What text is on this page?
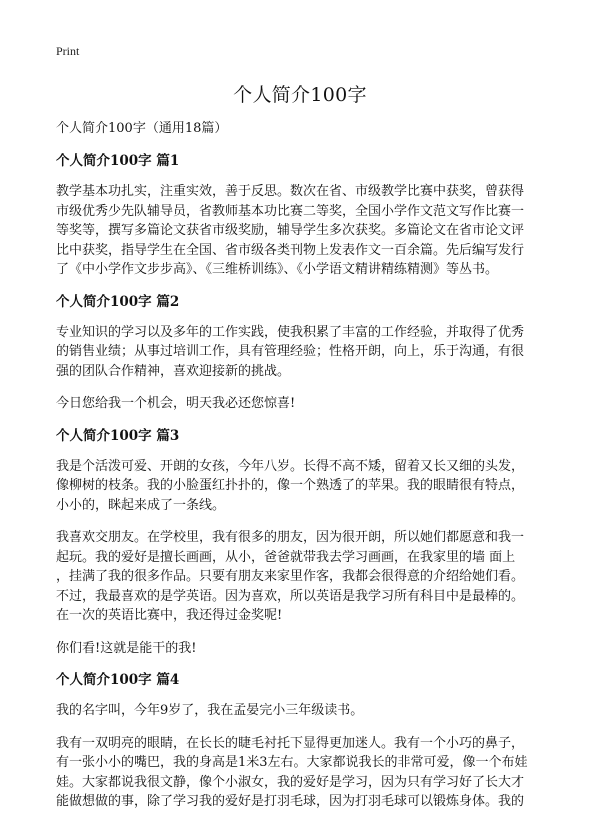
Print
个人简介100字

个人简介100字（通用18篇）

个人简介100字 篇1

教学基本功扎实，注重实效，善于反思。数次在省、市级教学比赛中获奖，曾获得
市级优秀少先队辅导员，省教师基本功比赛二等奖，全国小学作文范文写作比赛一
等奖等，撰写多篇论文获省市级奖励，辅导学生多次获奖。多篇论文在省市论文评
比中获奖，指导学生在全国、省市级各类刊物上发表作文一百余篇。先后编写发行
了《中小学作文步步高》、《三维桥训练》、《小学语文精讲精练精测》等丛书。

个人简介100字 篇2

专业知识的学习以及多年的工作实践，使我积累了丰富的工作经验，并取得了优秀
的销售业绩；从事过培训工作，具有管理经验；性格开朗，向上，乐于沟通，有很
强的团队合作精神，喜欢迎接新的挑战。

今日您给我一个机会，明天我必还您惊喜!

个人简介100字 篇3

我是个活泼可爱、开朗的女孩，今年八岁。长得不高不矮，留着又长又细的头发，
像柳树的枝条。我的小脸蛋红扑扑的，像一个熟透了的苹果。我的眼睛很有特点，
小小的，眯起来成了一条线。

我喜欢交朋友。在学校里，我有很多的朋友，因为很开朗，所以她们都愿意和我一
起玩。我的爱好是擅长画画，从小，爸爸就带我去学习画画，在我家里的墙 面上
，挂满了我的很多作品。只要有朋友来家里作客，我都会很得意的介绍给她们看。
不过，我最喜欢的是学英语。因为喜欢，所以英语是我学习所有科目中是最棒的。
在一次的英语比赛中，我还得过金奖呢!

你们看!这就是能干的我!

个人简介100字 篇4

我的名字叫，今年9岁了，我在孟晏完小三年级读书。

我有一双明亮的眼睛，在长长的睫毛衬托下显得更加迷人。我有一个小巧的鼻子，
有一张小小的嘴巴，我的身高是1米3左右。大家都说我长的非常可爱，像一个布娃
娃。大家都说我很文静，像个小淑女，我的爱好是学习，因为只有学习好了长大才
能做想做的事，除了学习我的爱好是打羽毛球，因为打羽毛球可以锻炼身体。我的
